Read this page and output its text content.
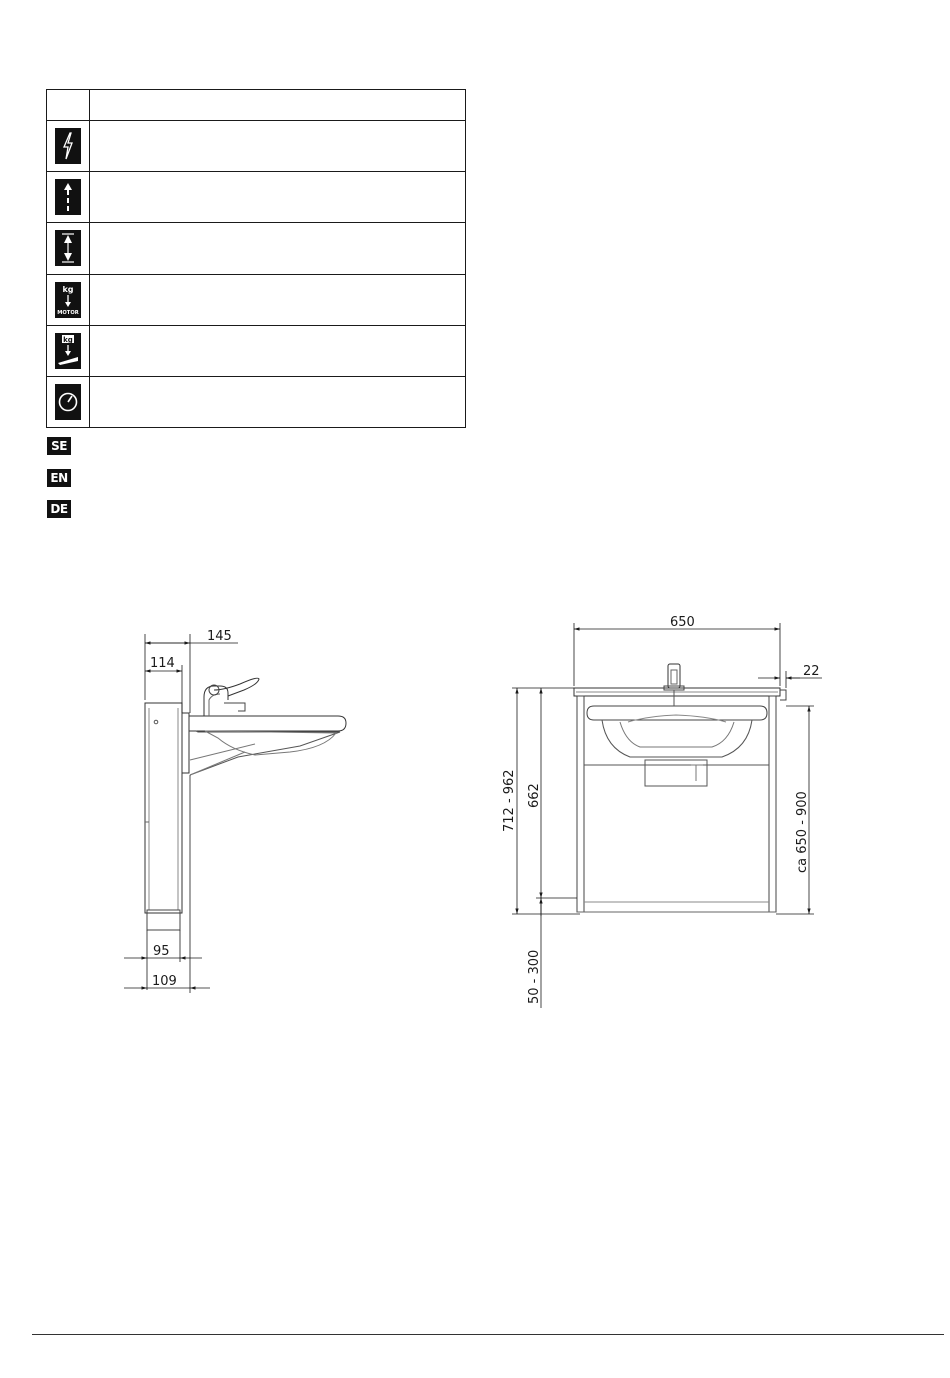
kg
MOTOR	

kg	

SE
EN
DE
145
114
95
109
650
22
712 - 962 662
50 - 300
ca 650 - 900
